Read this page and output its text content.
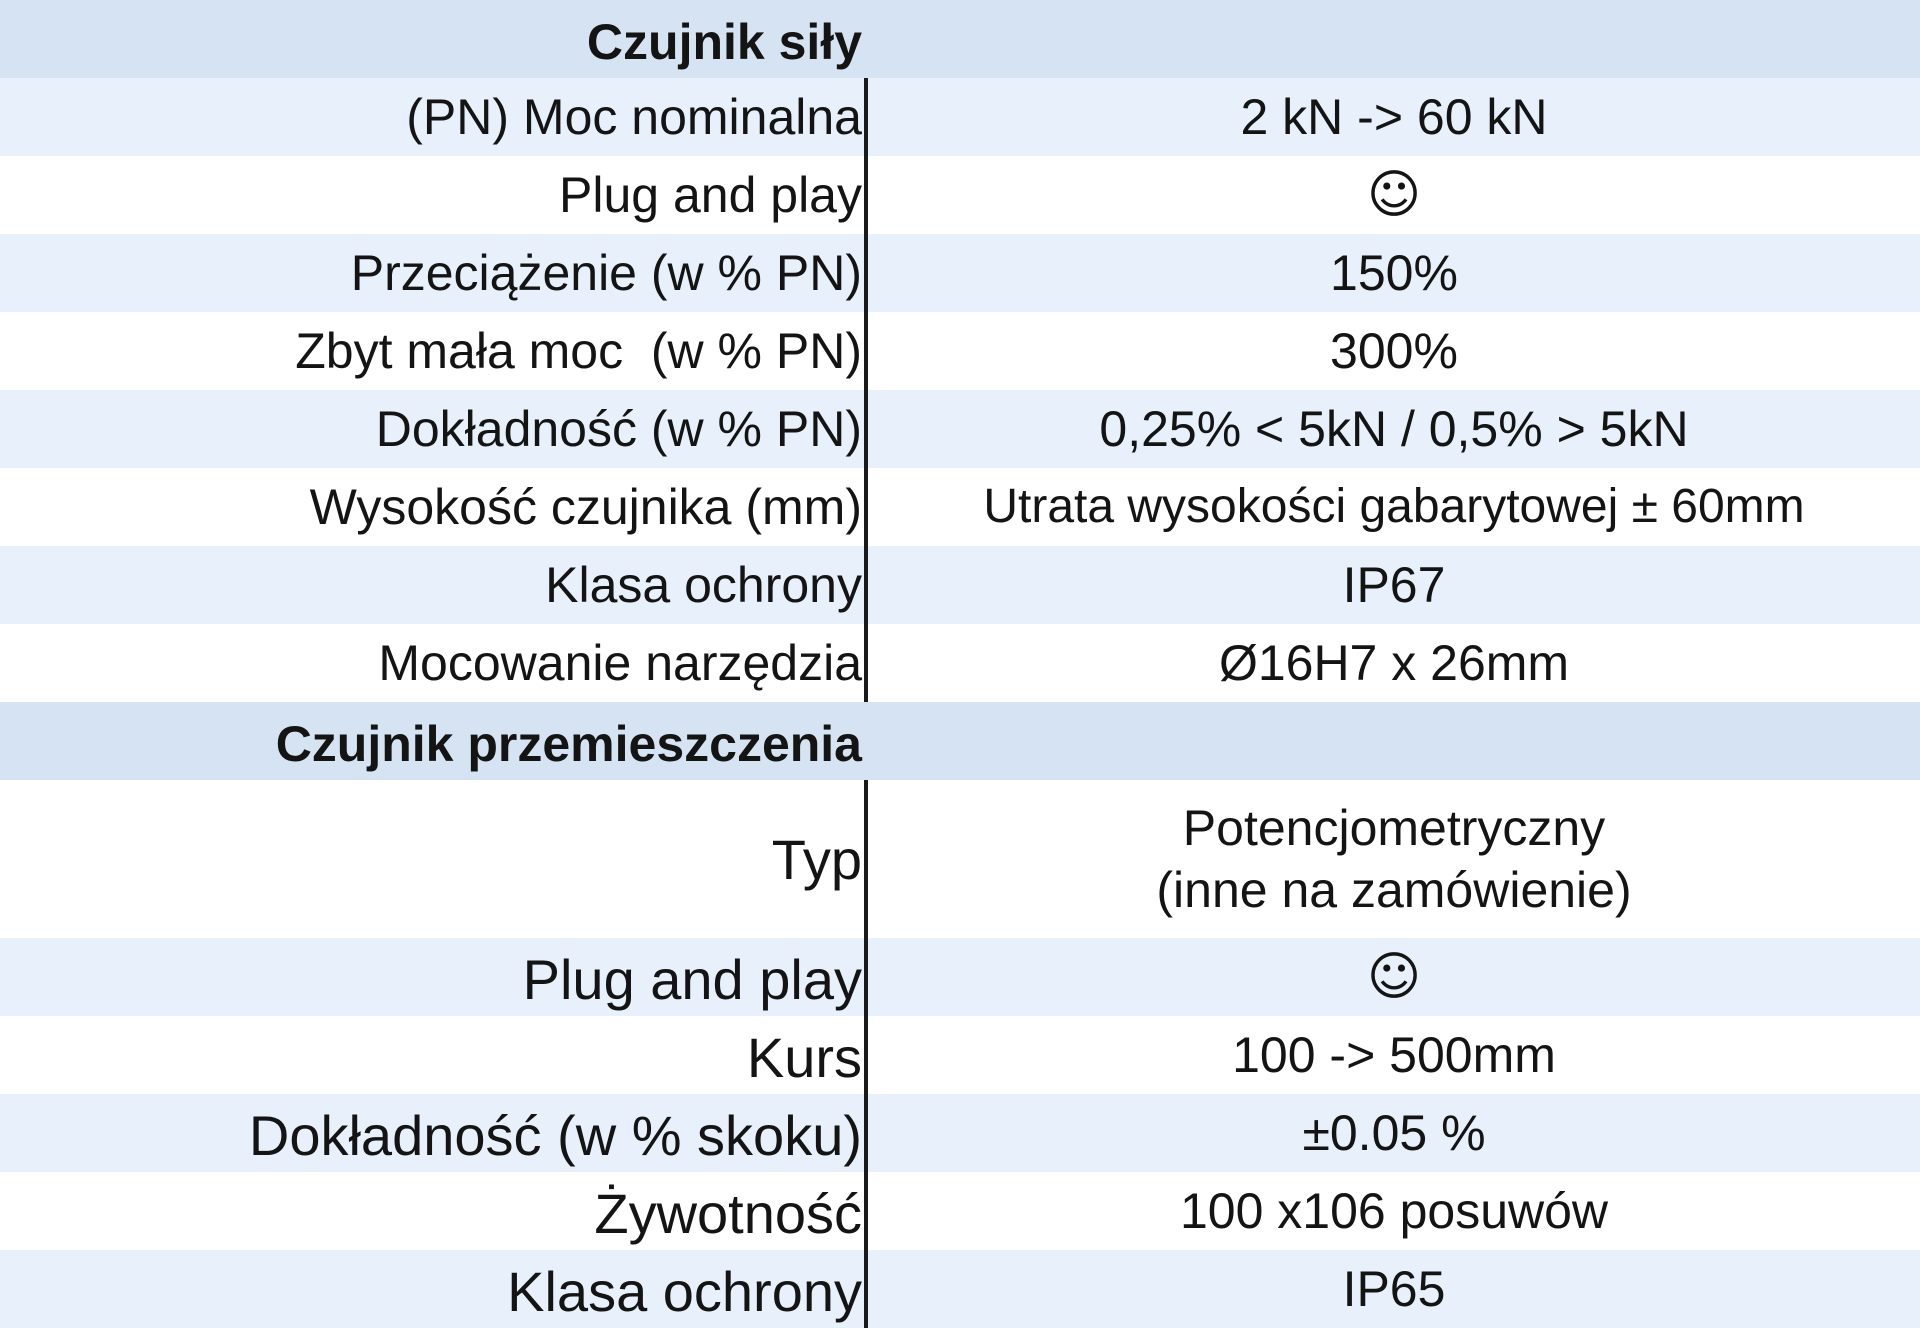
Czujnik siły
(PN) Moc nominalna	2 kN -> 60 kN
Plug and play	☺
Przeciążenie (w % PN)	150%
Zbyt mała moc  (w % PN)	300%
Dokładność (w % PN)	0,25% < 5kN / 0,5% > 5kN
Wysokość czujnika (mm)	Utrata wysokości gabarytowej ± 60mm
Klasa ochrony	IP67
Mocowanie narzędzia	Ø16H7 x 26mm
Czujnik przemieszczenia
Typ	Potencjometryczny
(inne na zamówienie)
Plug and play	☺
Kurs	100 -> 500mm
Dokładność (w % skoku)	±0.05 %
Żywotność	100 x106 posuwów
Klasa ochrony	IP65
